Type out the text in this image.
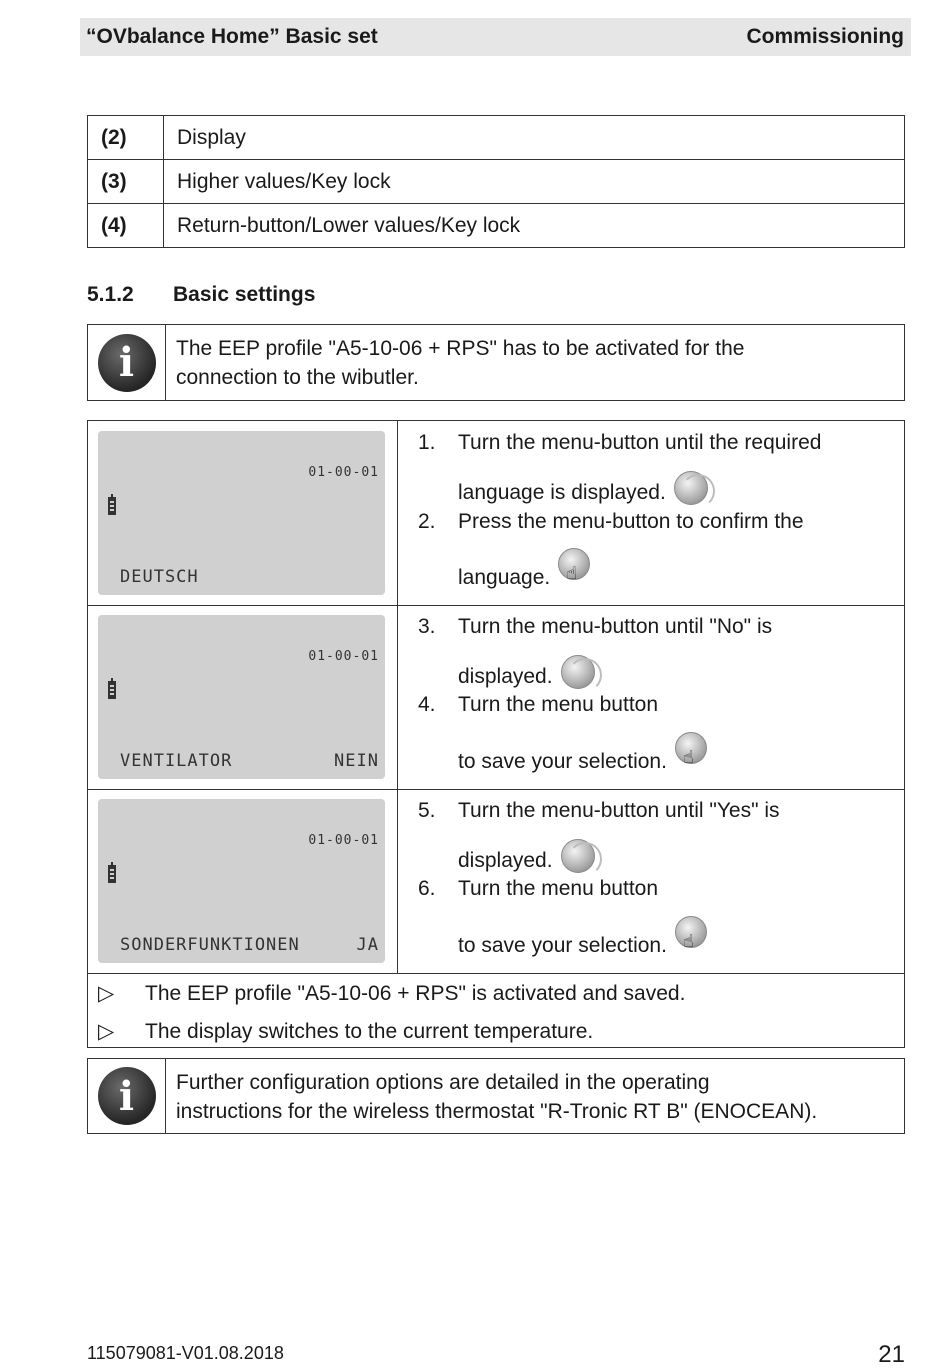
“OVbalance Home” Basic set	Commissioning
(2)	Display
(3)	Higher values/Key lock
(4)	Return-button/Lower values/Key lock
5.1.2	Basic settings
i	The EEP profile "A5-10-06 + RPS" has to be activated for the
connection to the wibutler.
01-00-01
DEUTSCH
1. Turn the menu-button until the required
language is displayed.
2. Press the menu-button to confirm the
language.☝
01-00-01
VENTILATOR	NEIN
3. Turn the menu-button until "No" is
displayed.
4. Turn the menu button
to save your selection.☝
01-00-01
SONDERFUNKTIONEN	JA
5. Turn the menu-button until "Yes" is
displayed.
6. Turn the menu button
to save your selection.☝
▷ The EEP profile "A5-10-06 + RPS" is activated and saved.
▷ The display switches to the current temperature.
i	Further configuration options are detailed in the operating
instructions for the wireless thermostat "R-Tronic RT B" (ENOCEAN).
115079081-V01.08.2018	21
